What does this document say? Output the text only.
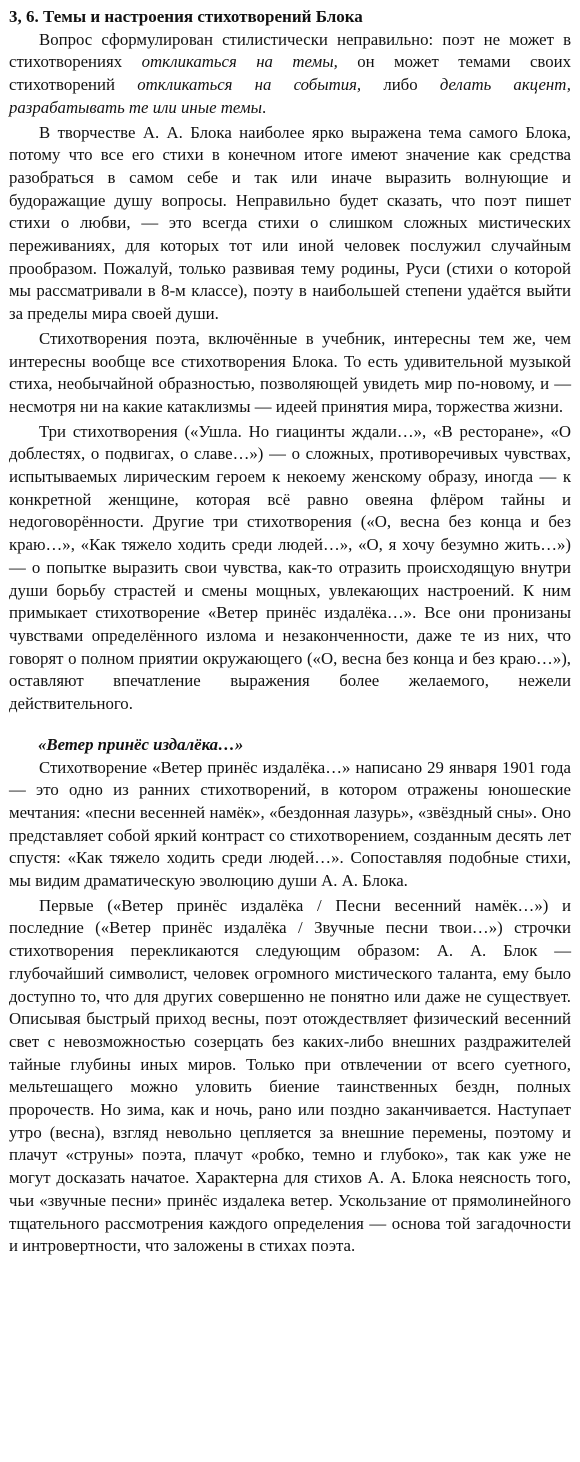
3, 6. Темы и настроения стихотворений Блока

Вопрос сформулирован стилистически неправильно: поэт не может в стихотворениях откликаться на темы, он может темами своих стихотворений откликаться на события, либо делать акцент, разрабатывать те или иные темы.

В творчестве А. А. Блока наиболее ярко выражена тема самого Блока, потому что все его стихи в конечном итоге имеют значение как средства разобраться в самом себе и так или иначе выразить волнующие и будоражащие душу вопросы. Неправильно будет сказать, что поэт пишет стихи о любви, — это всегда стихи о слишком сложных мистических переживаниях, для которых тот или иной человек послужил случайным прообразом. Пожалуй, только развивая тему родины, Руси (стихи о которой мы рассматривали в 8-м классе), поэту в наибольшей степени удаётся выйти за пределы мира своей души.

Стихотворения поэта, включённые в учебник, интересны тем же, чем интересны вообще все стихотворения Блока. То есть удивительной музыкой стиха, необычайной образностью, позволяющей увидеть мир по-новому, и — несмотря ни на какие катаклизмы — идеей принятия мира, торжества жизни.

Три стихотворения («Ушла. Но гиацинты ждали…», «В ресторане», «О доблестях, о подвигах, о славе…») — о сложных, противоречивых чувствах, испытываемых лирическим героем к некоему женскому образу, иногда — к конкретной женщине, которая всё равно овеяна флёром тайны и недоговорённости. Другие три стихотворения («О, весна без конца и без краю…», «Как тяжело ходить среди людей…», «О, я хочу безумно жить…») — о попытке выразить свои чувства, как-то отразить происходящую внутри души борьбу страстей и смены мощных, увлекающих настроений. К ним примыкает стихотворение «Ветер принёс издалёка…». Все они пронизаны чувствами определённого излома и незаконченности, даже те из них, что говорят о полном приятии окружающего («О, весна без конца и без краю…»), оставляют впечатление выражения более желаемого, нежели действительного.

«Ветер принёс издалёка…»

Стихотворение «Ветер принёс издалёка…» написано 29 января 1901 года — это одно из ранних стихотворений, в котором отражены юношеские мечтания: «песни весенней намёк», «бездонная лазурь», «звёздный сны». Оно представляет собой яркий контраст со стихотворением, созданным десять лет спустя: «Как тяжело ходить среди людей…». Сопоставляя подобные стихи, мы видим драматическую эволюцию души А. А. Блока.

Первые («Ветер принёс издалёка / Песни весенний намёк…») и последние («Ветер принёс издалёка / Звучные песни твои…») строчки стихотворения перекликаются следующим образом: А. А. Блок — глубочайший символист, человек огромного мистического таланта, ему было доступно то, что для других совершенно не понятно или даже не существует. Описывая быстрый приход весны, поэт отождествляет физический весенний свет с невозможностью созерцать без каких-либо внешних раздражителей тайные глубины иных миров. Только при отвлечении от всего суетного, мельтешащего можно уловить биение таинственных бездн, полных пророчеств. Но зима, как и ночь, рано или поздно заканчивается. Наступает утро (весна), взгляд невольно цепляется за внешние перемены, поэтому и плачут «струны» поэта, плачут «робко, темно и глубоко», так как уже не могут досказать начатое. Характерна для стихов А. А. Блока неясность того, чьи «звучные песни» принёс издалека ветер. Ускользание от прямолинейного тщательного рассмотрения каждого определения — основа той загадочности и интровертности, что заложены в стихах поэта.
